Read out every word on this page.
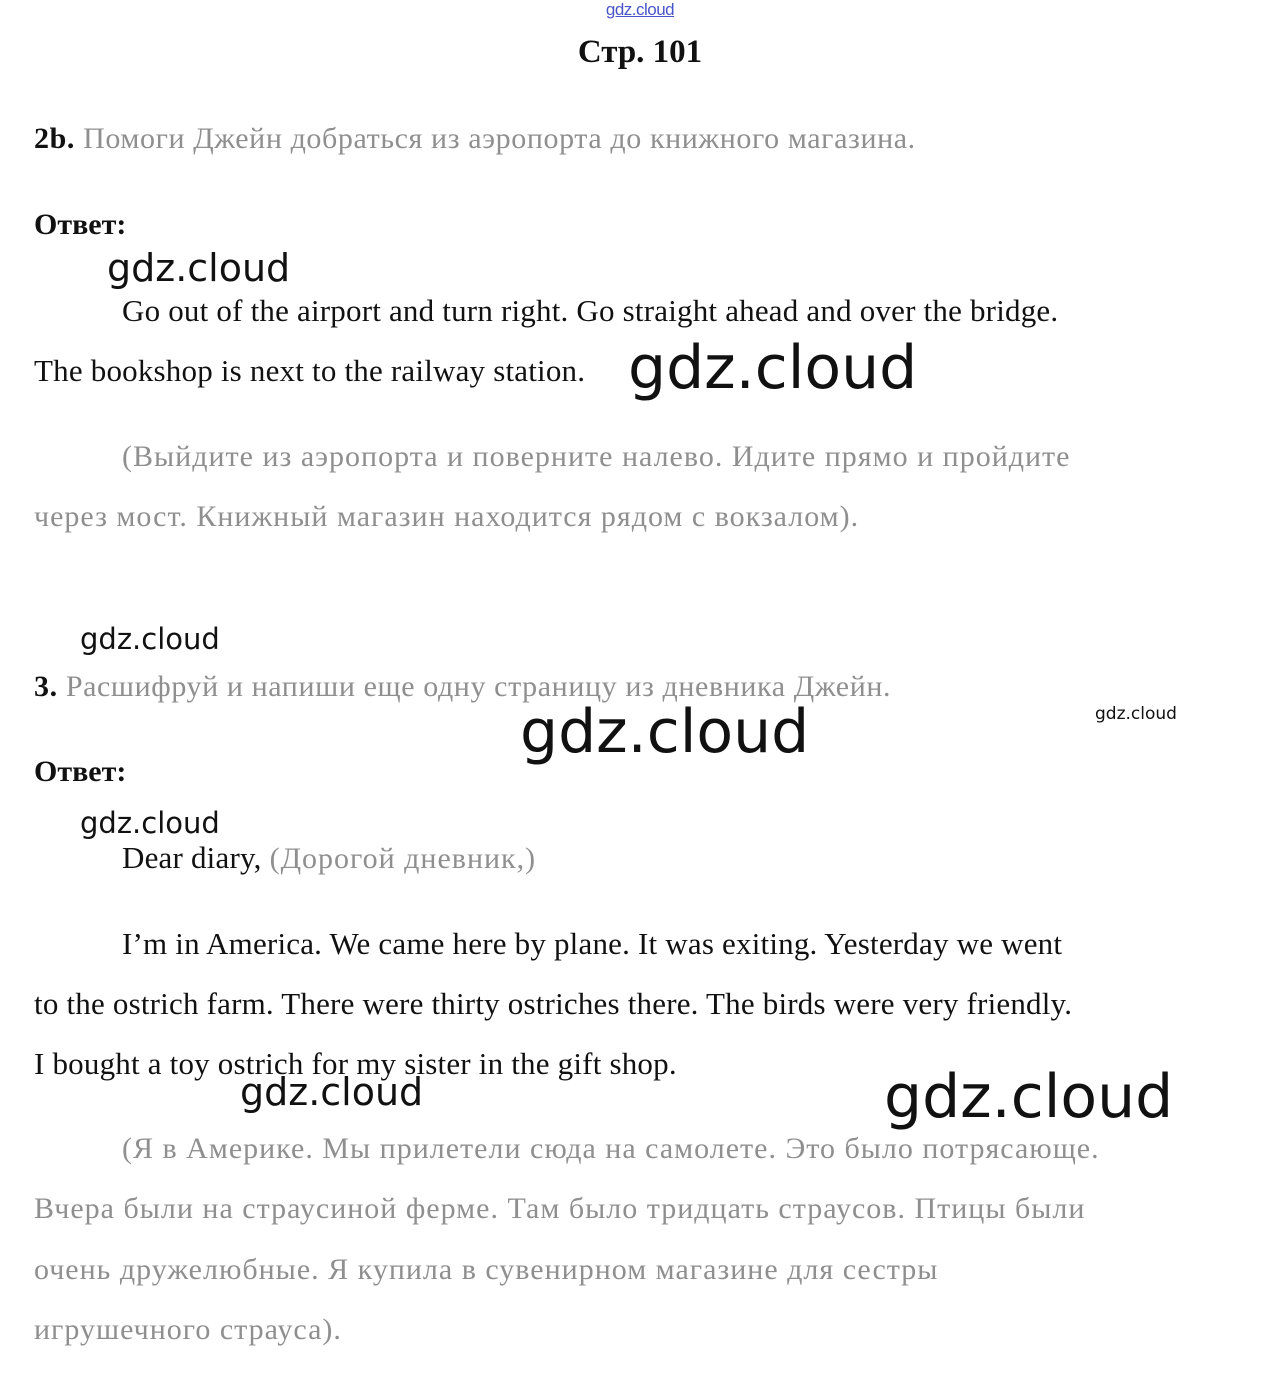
gdz.cloud
Стр. 101
2b. Помоги Джейн добраться из аэропорта до книжного магазина.
Ответ:
Go out of the airport and turn right. Go straight ahead and over the bridge.
The bookshop is next to the railway station.
(Выйдите из аэропорта и поверните налево. Идите прямо и пройдите
через мост. Книжный магазин находится рядом с вокзалом).
3. Расшифруй и напиши еще одну страницу из дневника Джейн.
Ответ:
Dear diary, (Дорогой дневник,)
I’m in America. We came here by plane. It was exiting. Yesterday we went
to the ostrich farm. There were thirty ostriches there. The birds were very friendly.
I bought a toy ostrich for my sister in the gift shop.
(Я в Америке. Мы прилетели сюда на самолете. Это было потрясающе.
Вчера были на страусиной ферме. Там было тридцать страусов. Птицы были
очень дружелюбные. Я купила в сувенирном магазине для сестры
игрушечного страуса).
gdz.cloud
gdz.cloud
gdz.cloud
gdz.cloud	gdz.cloud
gdz.cloud
gdz.cloud	gdz.cloud
